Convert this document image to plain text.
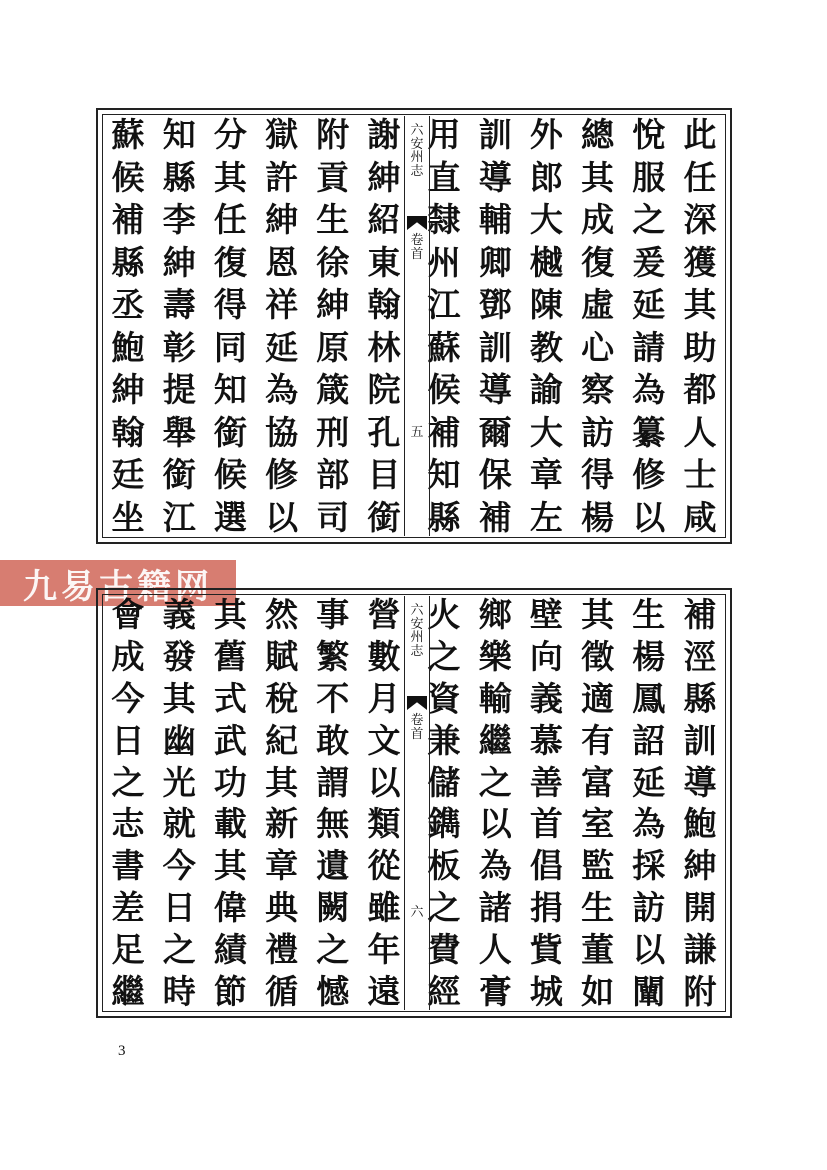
此
任
深
獲
其
助
都
人
士
咸
悅
服
之
爰
延
請
為
纂
修
以
總
其
成
復
虛
心
察
訪
得
楊
外
郎
大
樾
陳
教
諭
大
章
左
訓
導
輔
卿
鄧
訓
導
爾
保
補
用
直
隸
州
江
蘇
候
補
知
縣
六
安
州
志
卷
首
五
謝
紳
紹
東
翰
林
院
孔
目
銜
附
貢
生
徐
紳
原
箴
刑
部
司
獄
許
紳
恩
祥
延
為
協
修
以
分
其
任
復
得
同
知
銜
候
選
知
縣
李
紳
壽
彰
提
舉
銜
江
蘇
候
補
縣
丞
鮑
紳
翰
廷
坐
九易古籍网
補
涇
縣
訓
導
鮑
紳
開
謙
附
生
楊
鳳
詔
延
為
採
訪
以
闡
其
徵
適
有
富
室
監
生
董
如
壁
向
義
慕
善
首
倡
捐
貲
城
鄉
樂
輸
繼
之
以
為
諸
人
膏
火
之
資
兼
儲
鐫
板
之
費
經
六
安
州
志
卷
首
六
營
數
月
文
以
類
從
雖
年
遠
事
繁
不
敢
謂
無
遺
闕
之
憾
然
賦
稅
紀
其
新
章
典
禮
循
其
舊
式
武
功
載
其
偉
績
節
義
發
其
幽
光
就
今
日
之
時
會
成
今
日
之
志
書
差
足
繼
3
